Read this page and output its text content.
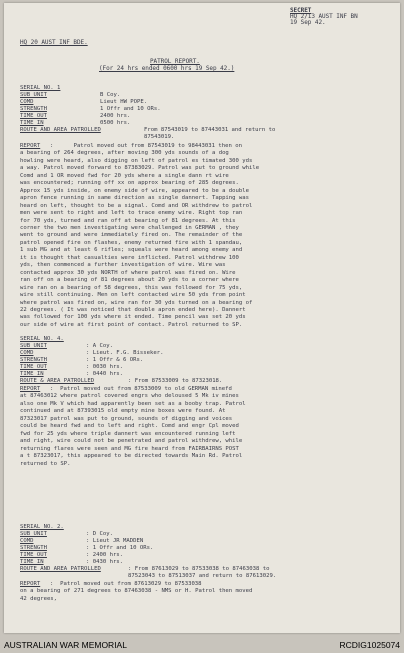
SECRET
HQ 2/13 AUST INF BN
19 Sep 42.
HQ 20 AUST INF BDE.
PATROL REPORT.
(For 24 hrs ended 0600 hrs 19 Sep 42.)
SERIAL NO. 1
SUB UNIT	B Coy.
COMD	Lieut HW POPE.
STRENGTH	1 Offr and 10 ORs.
TIME OUT	2400 hrs.
TIME IN	0500 hrs.
ROUTE AND AREA PATROLLED	From 87543019 to 87443031 and return to
87543019.
REPORT	:      Patrol moved out from 87543019 to 98443031 then on
a bearing of 264 degrees, after moving 300 yds sounds of a dog
howling were heard, also digging on left of patrol es timated 300 yds
a way. Patrol moved forward to 87383029. Patrol was put to ground while
Comd and 1 OR moved fwd for 20 yds where a single dann rt wire
was encountered; running off xx on approx bearing of 285 degrees.
Approx 15 yds inside, on enemy side of wire, appeared to be a double
apron fence running in same direction as single dannert. Tapping was
heard on left, thought to be a signal. Comd and OR withdrew to patrol
men were sent to right and left to trace enemy wire. Right top ran
for 70 yds, turned and ran off at bearing of 81 degrees. At this
corner the two men investigating were challenged in GERMAN , they
went to ground and were immediately fired on. The remainder of the
patrol opened fire on flashes, enemy returned fire with 1 spandau,
1 sub MG and at least 6 rifles; squeals were heard among enemy and
it is thought that casualties were inflicted. Patrol withdrew 100
yds, then commenced a further investigation of wire. Wire was
contacted approx 30 yds NORTH of where patrol was fired on. Wire
ran off on a bearing of 81 degrees about 20 yds to a corner where
wire ran on a bearing of 58 degrees, this was followed for 75 yds,
wire still continuing. Men on left contacted wire 50 yds from point
where patrol was fired on, wire ran for 30 yds turned on a bearing of
22 degrees. ( It was noticed that double apron ended here). Dannert
was followed for 100 yds where it ended. Time pencil was set 20 yds
our side of wire at first point of contact. Patrol returned to SP.
SERIAL NO. 4.
SUB UNIT	: A Coy.
COMD	: Lieut. F.G. Bisseker.
STRENGTH	: 1 Offr & 6 ORs.
TIME OUT	: 0030 hrs.
TIME IN	: 0440 hrs.
ROUTE & AREA PATROLLED	: From 87533009 to 87323018.
REPORT	:  Patrol moved out from 87533009 to old GERMAN minefd
at 87463012 where patrol covered engrs who deloused 5 Mk iv mines
also one Mk V which had apparently been set as a booby trap. Patrol
continued and at 87393015 old empty mine boxes were found. At
87323017 patrol was put to ground, sounds of digging and voices
could be heard fwd and to left and right. Comd and engr Cpl moved
fwd for 25 yds where triple dannert was encountered running left
and right, wire could not be penetrated and patrol withdrew, while
returning flares were seen and MG fire heard from FAIRBAIRNS POST
a t 87323017, this appeared to be directed towards Main Rd. Patrol
returned to SP.
SERIAL NO. 2.
SUB UNIT	: D Coy.
COMD	: Lieut JR MADDEN
STRENGTH	: 1 Offr and 10 ORs.
TIME OUT	: 2400 hrs.
TIME IN	: 0430 hrs.
ROUTE AND AREA PATROLLED	: From 87613029 to 87533038 to 87463038 to
87523043 to 87513037 and return to 87613029.
REPORT	:  Patrol moved out from 87613029 to 87533038
on a bearing of 271 degrees to 87463038 - NMS or H. Patrol then moved
42 degrees,
AUSTRALIAN WAR MEMORIAL	RCDIG1025074
